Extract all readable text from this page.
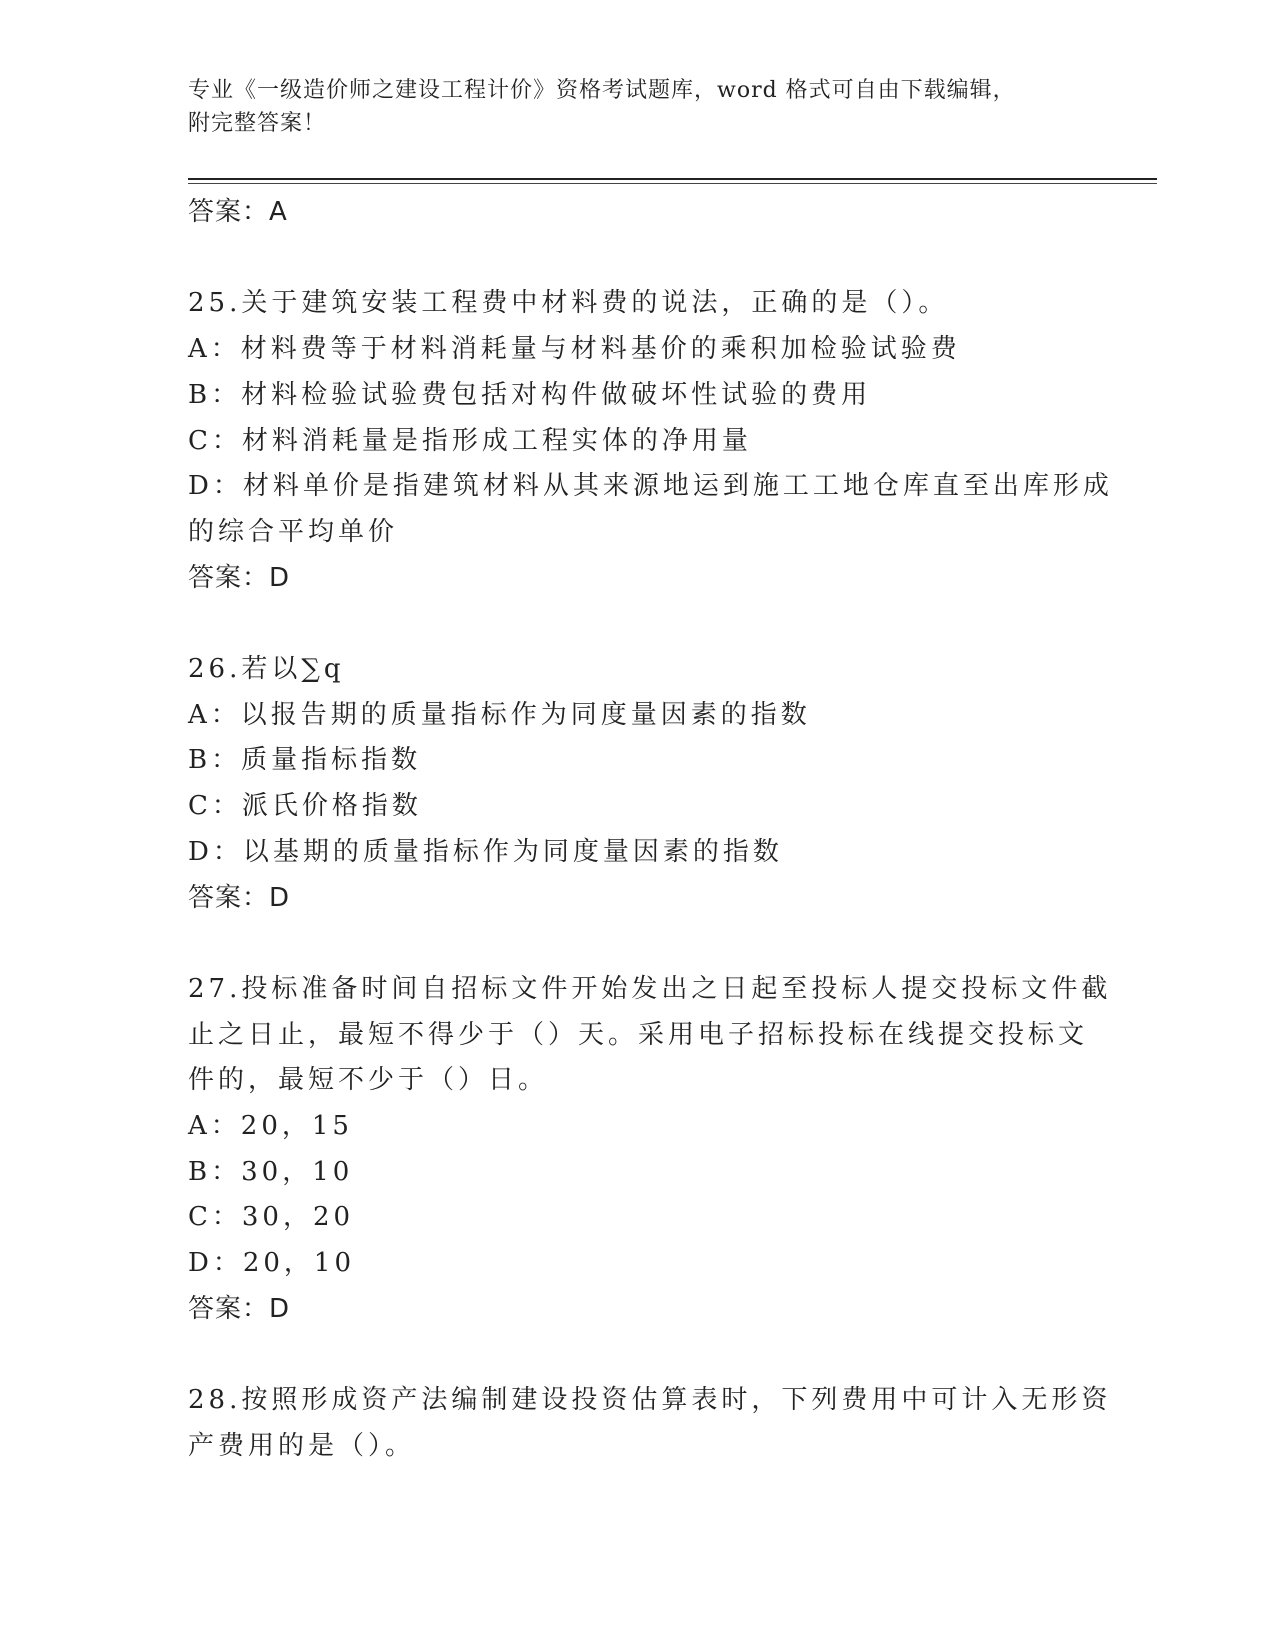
专业《一级造价师之建设工程计价》资格考试题库，word 格式可自由下载编辑，
附完整答案！
答案：A
25.关于建筑安装工程费中材料费的说法，正确的是（）。
A：材料费等于材料消耗量与材料基价的乘积加检验试验费
B：材料检验试验费包括对构件做破坏性试验的费用
C：材料消耗量是指形成工程实体的净用量
D：材料单价是指建筑材料从其来源地运到施工工地仓库直至出库形成
的综合平均单价
答案：D
26.若以∑q
A：以报告期的质量指标作为同度量因素的指数
B：质量指标指数
C：派氏价格指数
D：以基期的质量指标作为同度量因素的指数
答案：D
27.投标准备时间自招标文件开始发出之日起至投标人提交投标文件截
止之日止，最短不得少于（）天。采用电子招标投标在线提交投标文
件的，最短不少于（）日。
A：20，15
B：30，10
C：30，20
D：20，10
答案：D
28.按照形成资产法编制建设投资估算表时，下列费用中可计入无形资
产费用的是（）。
